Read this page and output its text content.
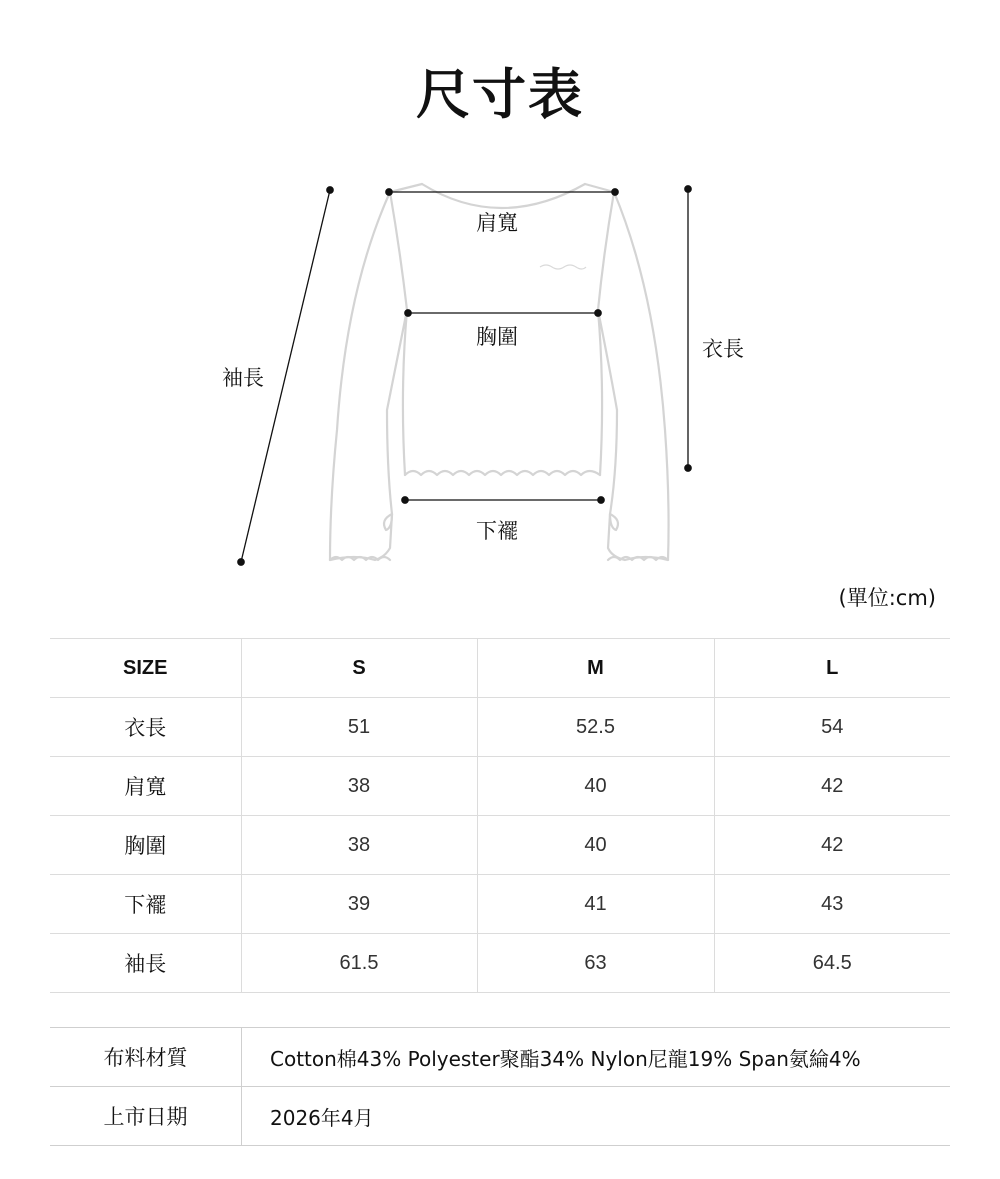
尺寸表
肩寬
胸圍	衣長
袖長
下襬
(單位:cm)
SIZE	S	M	L
衣長	51	52.5	54
肩寬	38	40	42
胸圍	38	40	42
下襬	39	41	43
袖長	61.5	63	64.5
布料材質	Cotton棉43% Polyester聚酯34% Nylon尼龍19% Span氨綸4%
上市日期	2026年4月
